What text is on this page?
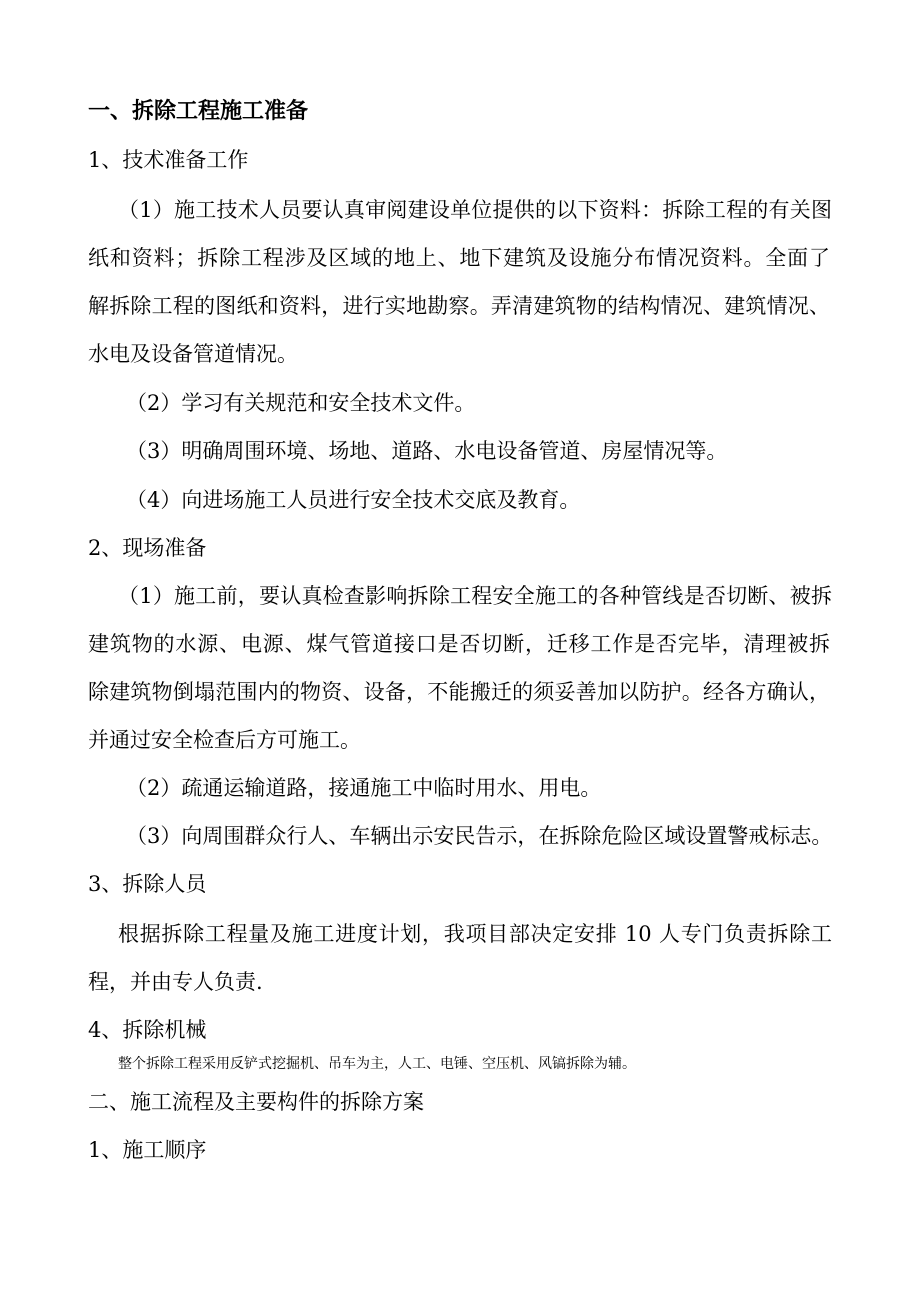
一、拆除工程施工准备
1、技术准备工作
（1）施工技术人员要认真审阅建设单位提供的以下资料：拆除工程的有关图
纸和资料；拆除工程涉及区域的地上、地下建筑及设施分布情况资料。全面了
解拆除工程的图纸和资料，进行实地勘察。弄清建筑物的结构情况、建筑情况、
水电及设备管道情况。
（2）学习有关规范和安全技术文件。
（3）明确周围环境、场地、道路、水电设备管道、房屋情况等。
（4）向进场施工人员进行安全技术交底及教育。
2、现场准备
（1）施工前，要认真检查影响拆除工程安全施工的各种管线是否切断、被拆
建筑物的水源、电源、煤气管道接口是否切断，迁移工作是否完毕，清理被拆
除建筑物倒塌范围内的物资、设备，不能搬迁的须妥善加以防护。经各方确认，
并通过安全检查后方可施工。
（2）疏通运输道路，接通施工中临时用水、用电。
（3）向周围群众行人、车辆出示安民告示，在拆除危险区域设置警戒标志。
3、拆除人员
根据拆除工程量及施工进度计划，我项目部决定安排 10 人专门负责拆除工
程，并由专人负责.
4、拆除机械
整个拆除工程采用反铲式挖掘机、吊车为主，人工、电锤、空压机、风镐拆除为辅。
二、施工流程及主要构件的拆除方案
1、施工顺序
